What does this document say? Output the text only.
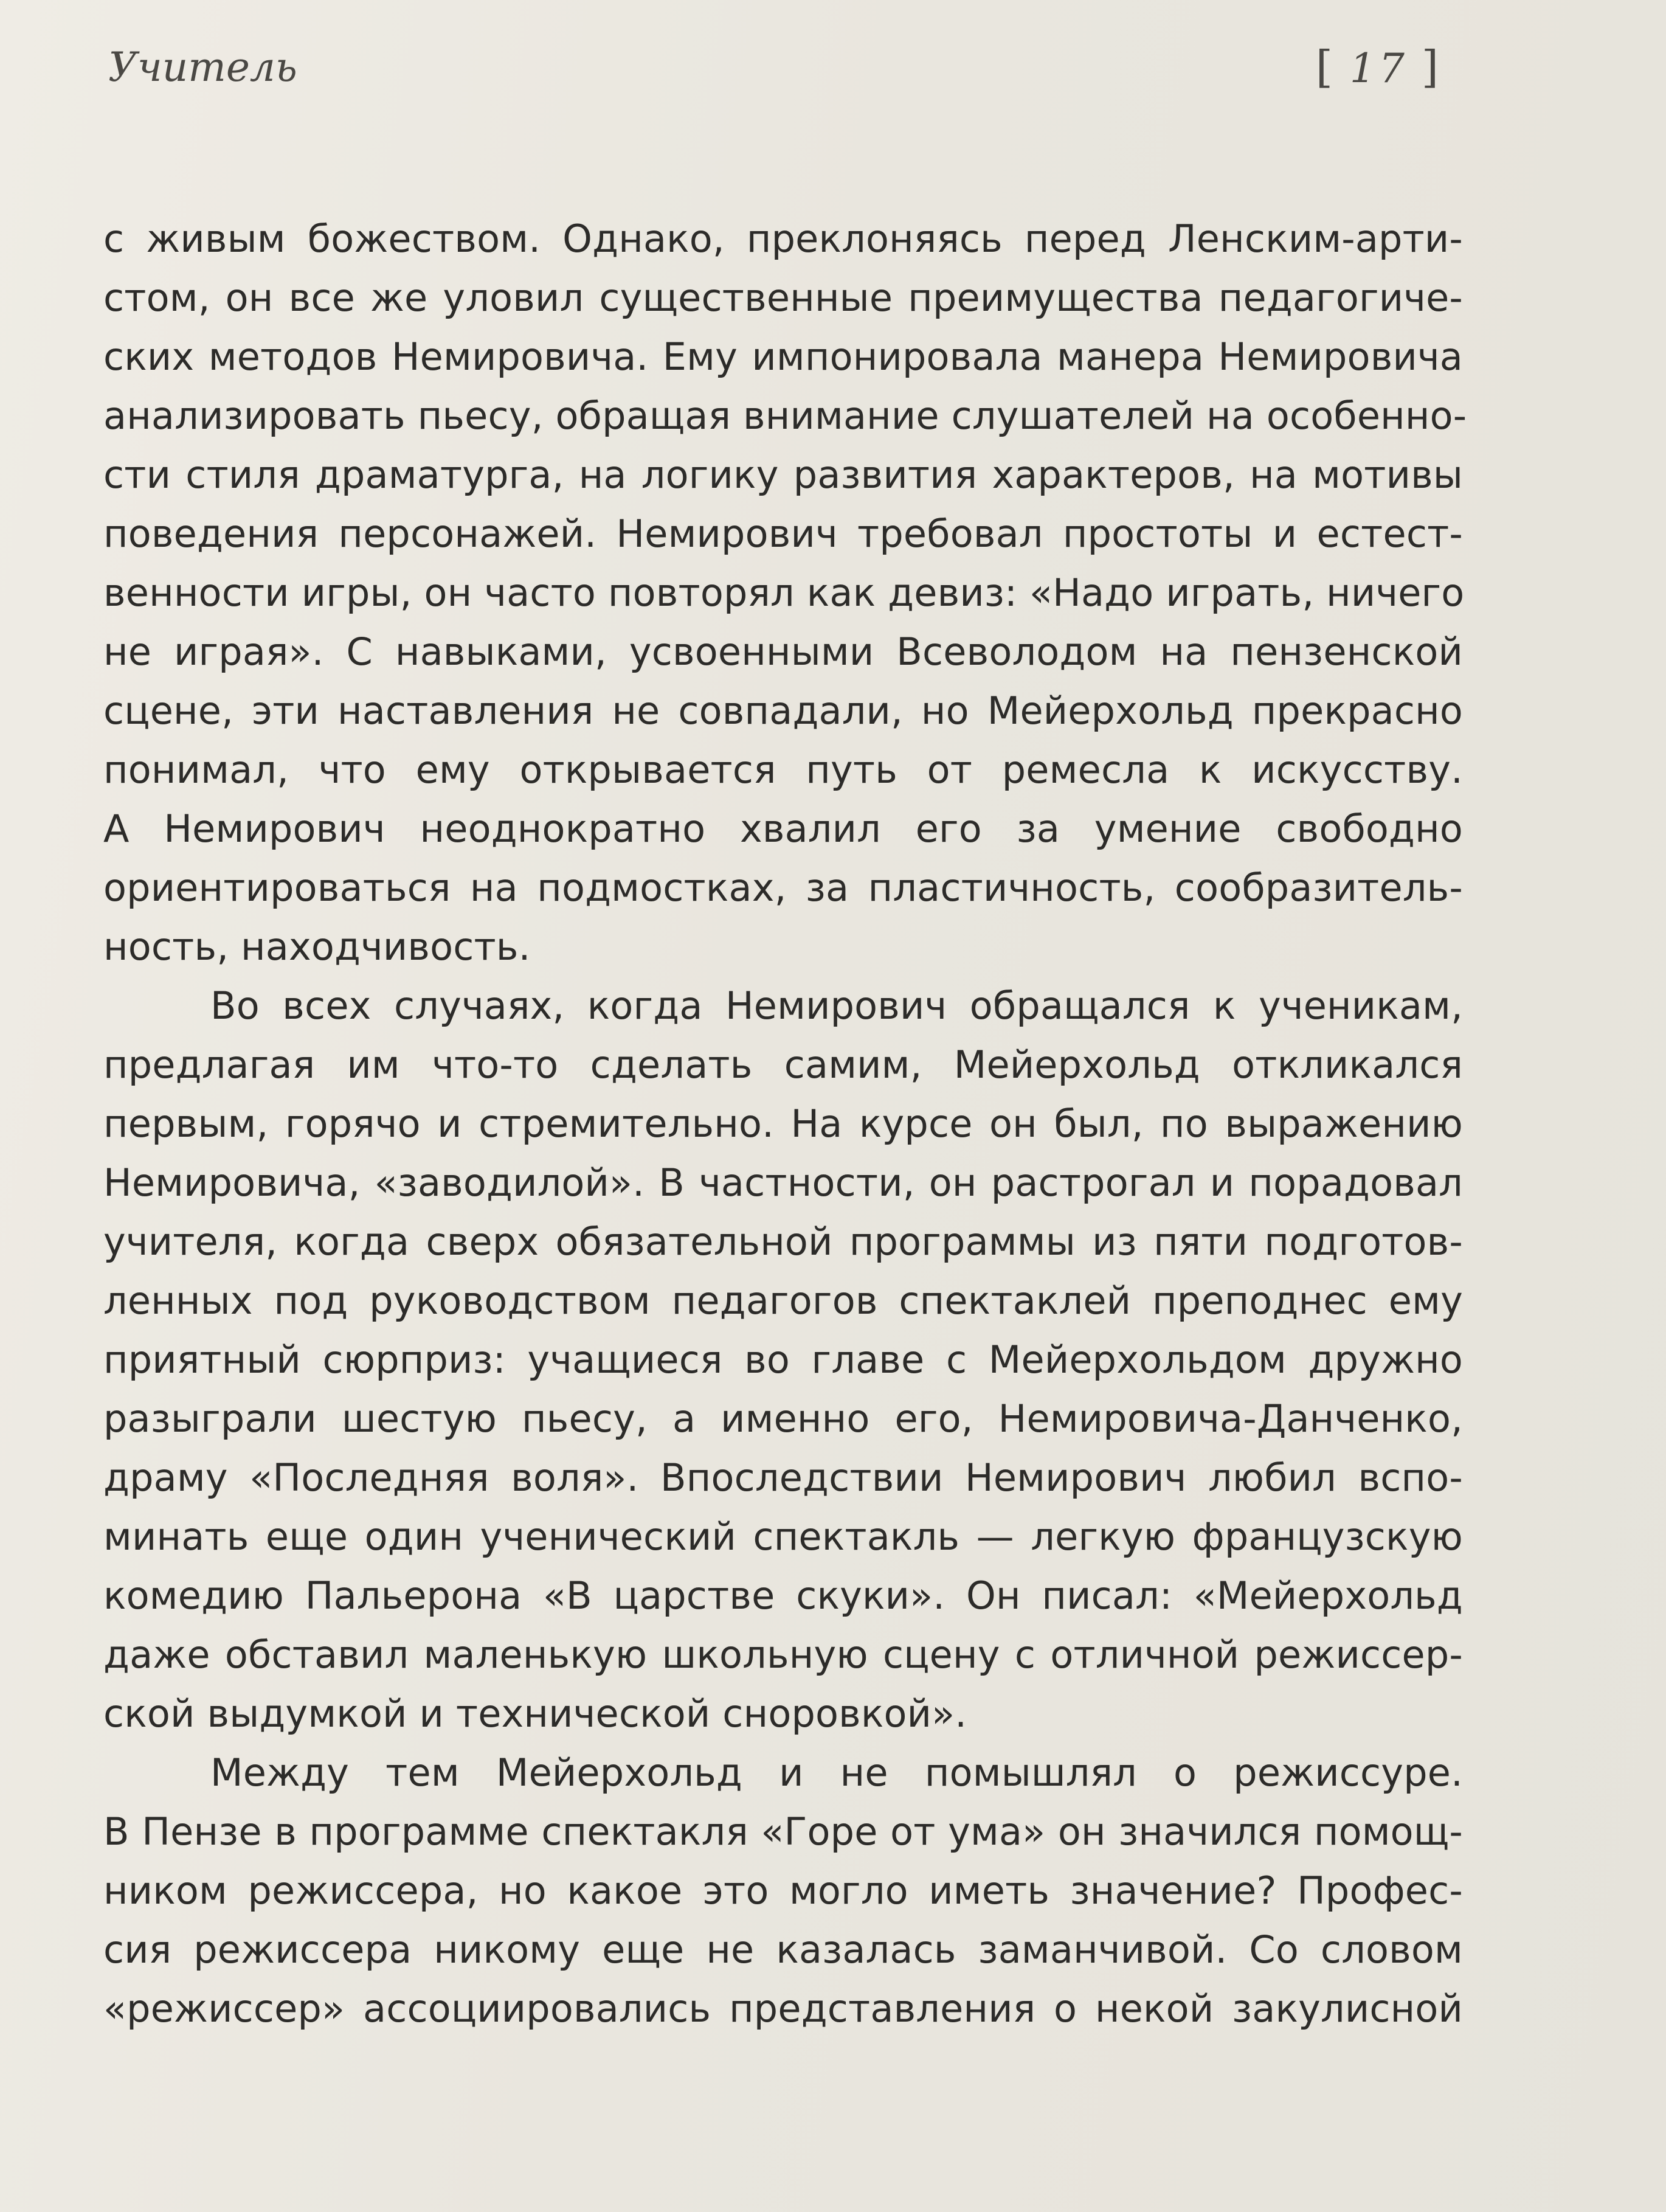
Учитель	[ 17 ]
с живым божеством. Однако, преклоняясь перед Ленским-арти-
стом, он все же уловил существенные преимущества педагогиче-
ских методов Немировича. Ему импонировала манера Немировича
анализировать пьесу, обращая внимание слушателей на особенно-
сти стиля драматурга, на логику развития характеров, на мотивы
поведения персонажей. Немирович требовал простоты и естест-
венности игры, он часто повторял как девиз: «Надо играть, ничего
не играя». С навыками, усвоенными Всеволодом на пензенской
сцене, эти наставления не совпадали, но Мейерхольд прекрасно
понимал, что ему открывается путь от ремесла к искусству.
А Немирович неоднократно хвалил его за умение свободно
ориентироваться на подмостках, за пластичность, сообразитель-
ность, находчивость.
Во всех случаях, когда Немирович обращался к ученикам,
предлагая им что-то сделать самим, Мейерхольд откликался
первым, горячо и стремительно. На курсе он был, по выражению
Немировича, «заводилой». В частности, он растрогал и порадовал
учителя, когда сверх обязательной программы из пяти подготов-
ленных под руководством педагогов спектаклей преподнес ему
приятный сюрприз: учащиеся во главе с Мейерхольдом дружно
разыграли шестую пьесу, а именно его, Немировича-Данченко,
драму «Последняя воля». Впоследствии Немирович любил вспо-
минать еще один ученический спектакль — легкую французскую
комедию Пальерона «В царстве скуки». Он писал: «Мейерхольд
даже обставил маленькую школьную сцену с отличной режиссер-
ской выдумкой и технической сноровкой».
Между тем Мейерхольд и не помышлял о режиссуре.
В Пензе в программе спектакля «Горе от ума» он значился помощ-
ником режиссера, но какое это могло иметь значение? Профес-
сия режиссера никому еще не казалась заманчивой. Со словом
«режиссер» ассоциировались представления о некой закулисной
